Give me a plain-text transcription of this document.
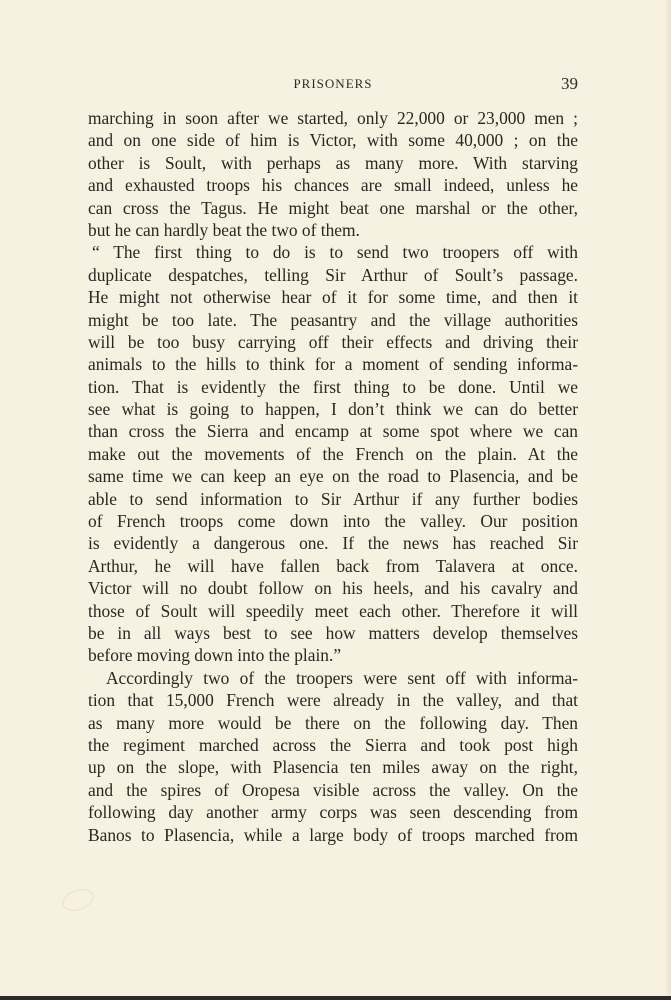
PRISONERS	39
marching in soon after we started, only 22,000 or 23,000 men ;
and on one side of him is Victor, with some 40,000 ; on the
other is Soult, with perhaps as many more. With starving
and exhausted troops his chances are small indeed, unless he
can cross the Tagus. He might beat one marshal or the other,
but he can hardly beat the two of them.
“ The first thing to do is to send two troopers off with
duplicate despatches, telling Sir Arthur of Soult’s passage.
He might not otherwise hear of it for some time, and then it
might be too late. The peasantry and the village authorities
will be too busy carrying off their effects and driving their
animals to the hills to think for a moment of sending informa-
tion. That is evidently the first thing to be done. Until we
see what is going to happen, I don’t think we can do better
than cross the Sierra and encamp at some spot where we can
make out the movements of the French on the plain. At the
same time we can keep an eye on the road to Plasencia, and be
able to send information to Sir Arthur if any further bodies
of French troops come down into the valley. Our position
is evidently a dangerous one. If the news has reached Sir
Arthur, he will have fallen back from Talavera at once.
Victor will no doubt follow on his heels, and his cavalry and
those of Soult will speedily meet each other. Therefore it will
be in all ways best to see how matters develop themselves
before moving down into the plain.”
Accordingly two of the troopers were sent off with informa-
tion that 15,000 French were already in the valley, and that
as many more would be there on the following day. Then
the regiment marched across the Sierra and took post high
up on the slope, with Plasencia ten miles away on the right,
and the spires of Oropesa visible across the valley. On the
following day another army corps was seen descending from
Banos to Plasencia, while a large body of troops marched from
